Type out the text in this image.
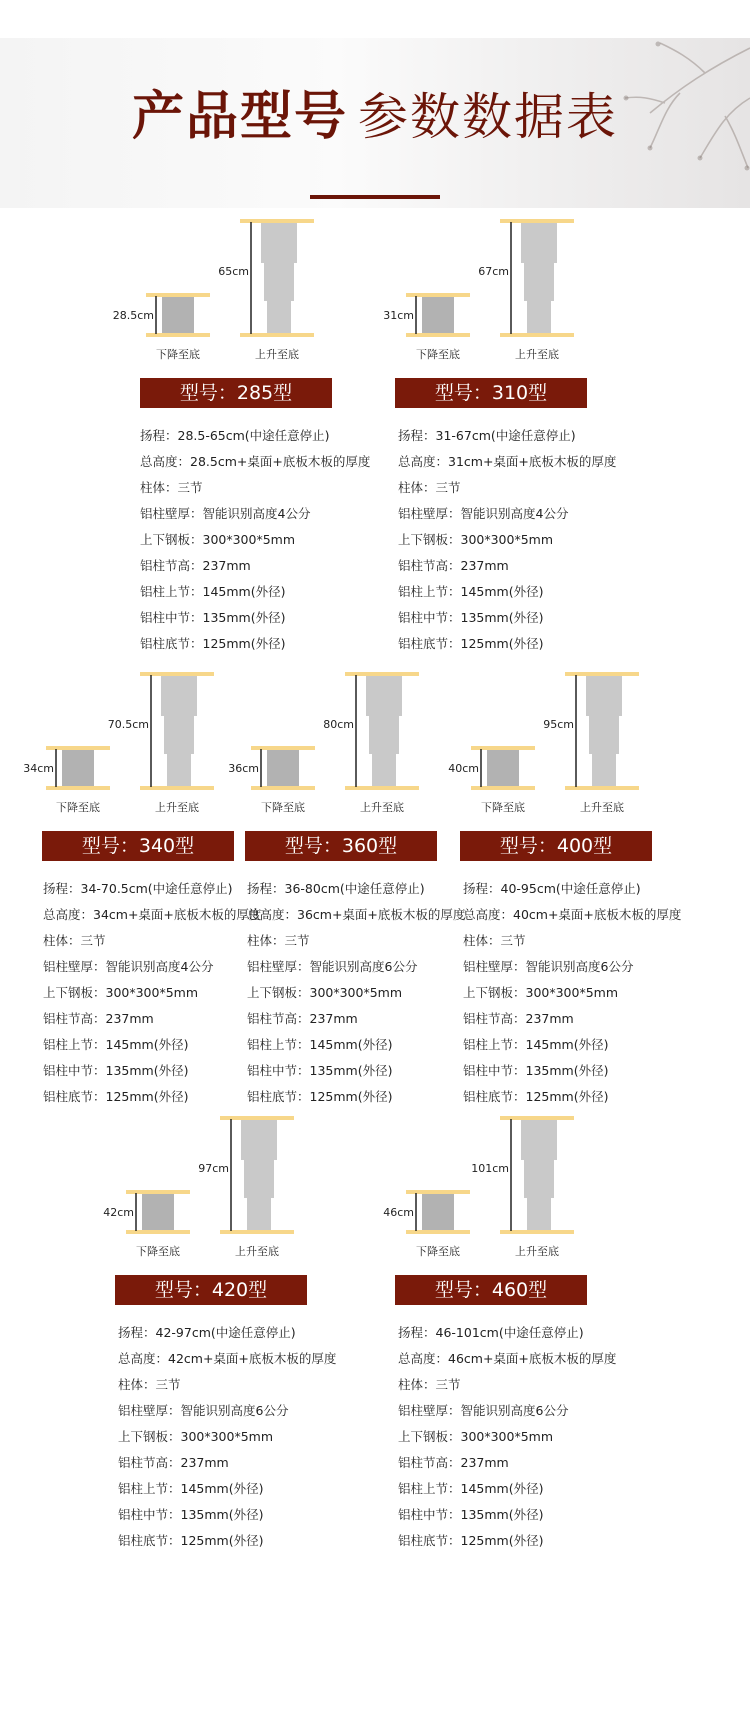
产品型号 参数数据表
28.5cm
65cm
下降至底	上升至底
型号：285型
扬程：28.5-65cm(中途任意停止)
总高度：28.5cm+桌面+底板木板的厚度
柱体：三节
铝柱壁厚：智能识别高度4公分
上下钢板：300*300*5mm
铝柱节高：237mm
铝柱上节：145mm(外径)
铝柱中节：135mm(外径)
铝柱底节：125mm(外径)
31cm
67cm
下降至底	上升至底
型号：310型
扬程：31-67cm(中途任意停止)
总高度：31cm+桌面+底板木板的厚度
柱体：三节
铝柱壁厚：智能识别高度4公分
上下钢板：300*300*5mm
铝柱节高：237mm
铝柱上节：145mm(外径)
铝柱中节：135mm(外径)
铝柱底节：125mm(外径)
34cm
70.5cm
下降至底	上升至底
型号：340型
扬程：34-70.5cm(中途任意停止)
总高度：34cm+桌面+底板木板的厚度
柱体：三节
铝柱壁厚：智能识别高度4公分
上下钢板：300*300*5mm
铝柱节高：237mm
铝柱上节：145mm(外径)
铝柱中节：135mm(外径)
铝柱底节：125mm(外径)
36cm
80cm
下降至底	上升至底
型号：360型
扬程：36-80cm(中途任意停止)
总高度：36cm+桌面+底板木板的厚度
柱体：三节
铝柱壁厚：智能识别高度6公分
上下钢板：300*300*5mm
铝柱节高：237mm
铝柱上节：145mm(外径)
铝柱中节：135mm(外径)
铝柱底节：125mm(外径)
40cm
95cm
下降至底	上升至底
型号：400型
扬程：40-95cm(中途任意停止)
总高度：40cm+桌面+底板木板的厚度
柱体：三节
铝柱壁厚：智能识别高度6公分
上下钢板：300*300*5mm
铝柱节高：237mm
铝柱上节：145mm(外径)
铝柱中节：135mm(外径)
铝柱底节：125mm(外径)
42cm
97cm
下降至底	上升至底
型号：420型
扬程：42-97cm(中途任意停止)
总高度：42cm+桌面+底板木板的厚度
柱体：三节
铝柱壁厚：智能识别高度6公分
上下钢板：300*300*5mm
铝柱节高：237mm
铝柱上节：145mm(外径)
铝柱中节：135mm(外径)
铝柱底节：125mm(外径)
46cm
101cm
下降至底	上升至底
型号：460型
扬程：46-101cm(中途任意停止)
总高度：46cm+桌面+底板木板的厚度
柱体：三节
铝柱壁厚：智能识别高度6公分
上下钢板：300*300*5mm
铝柱节高：237mm
铝柱上节：145mm(外径)
铝柱中节：135mm(外径)
铝柱底节：125mm(外径)
